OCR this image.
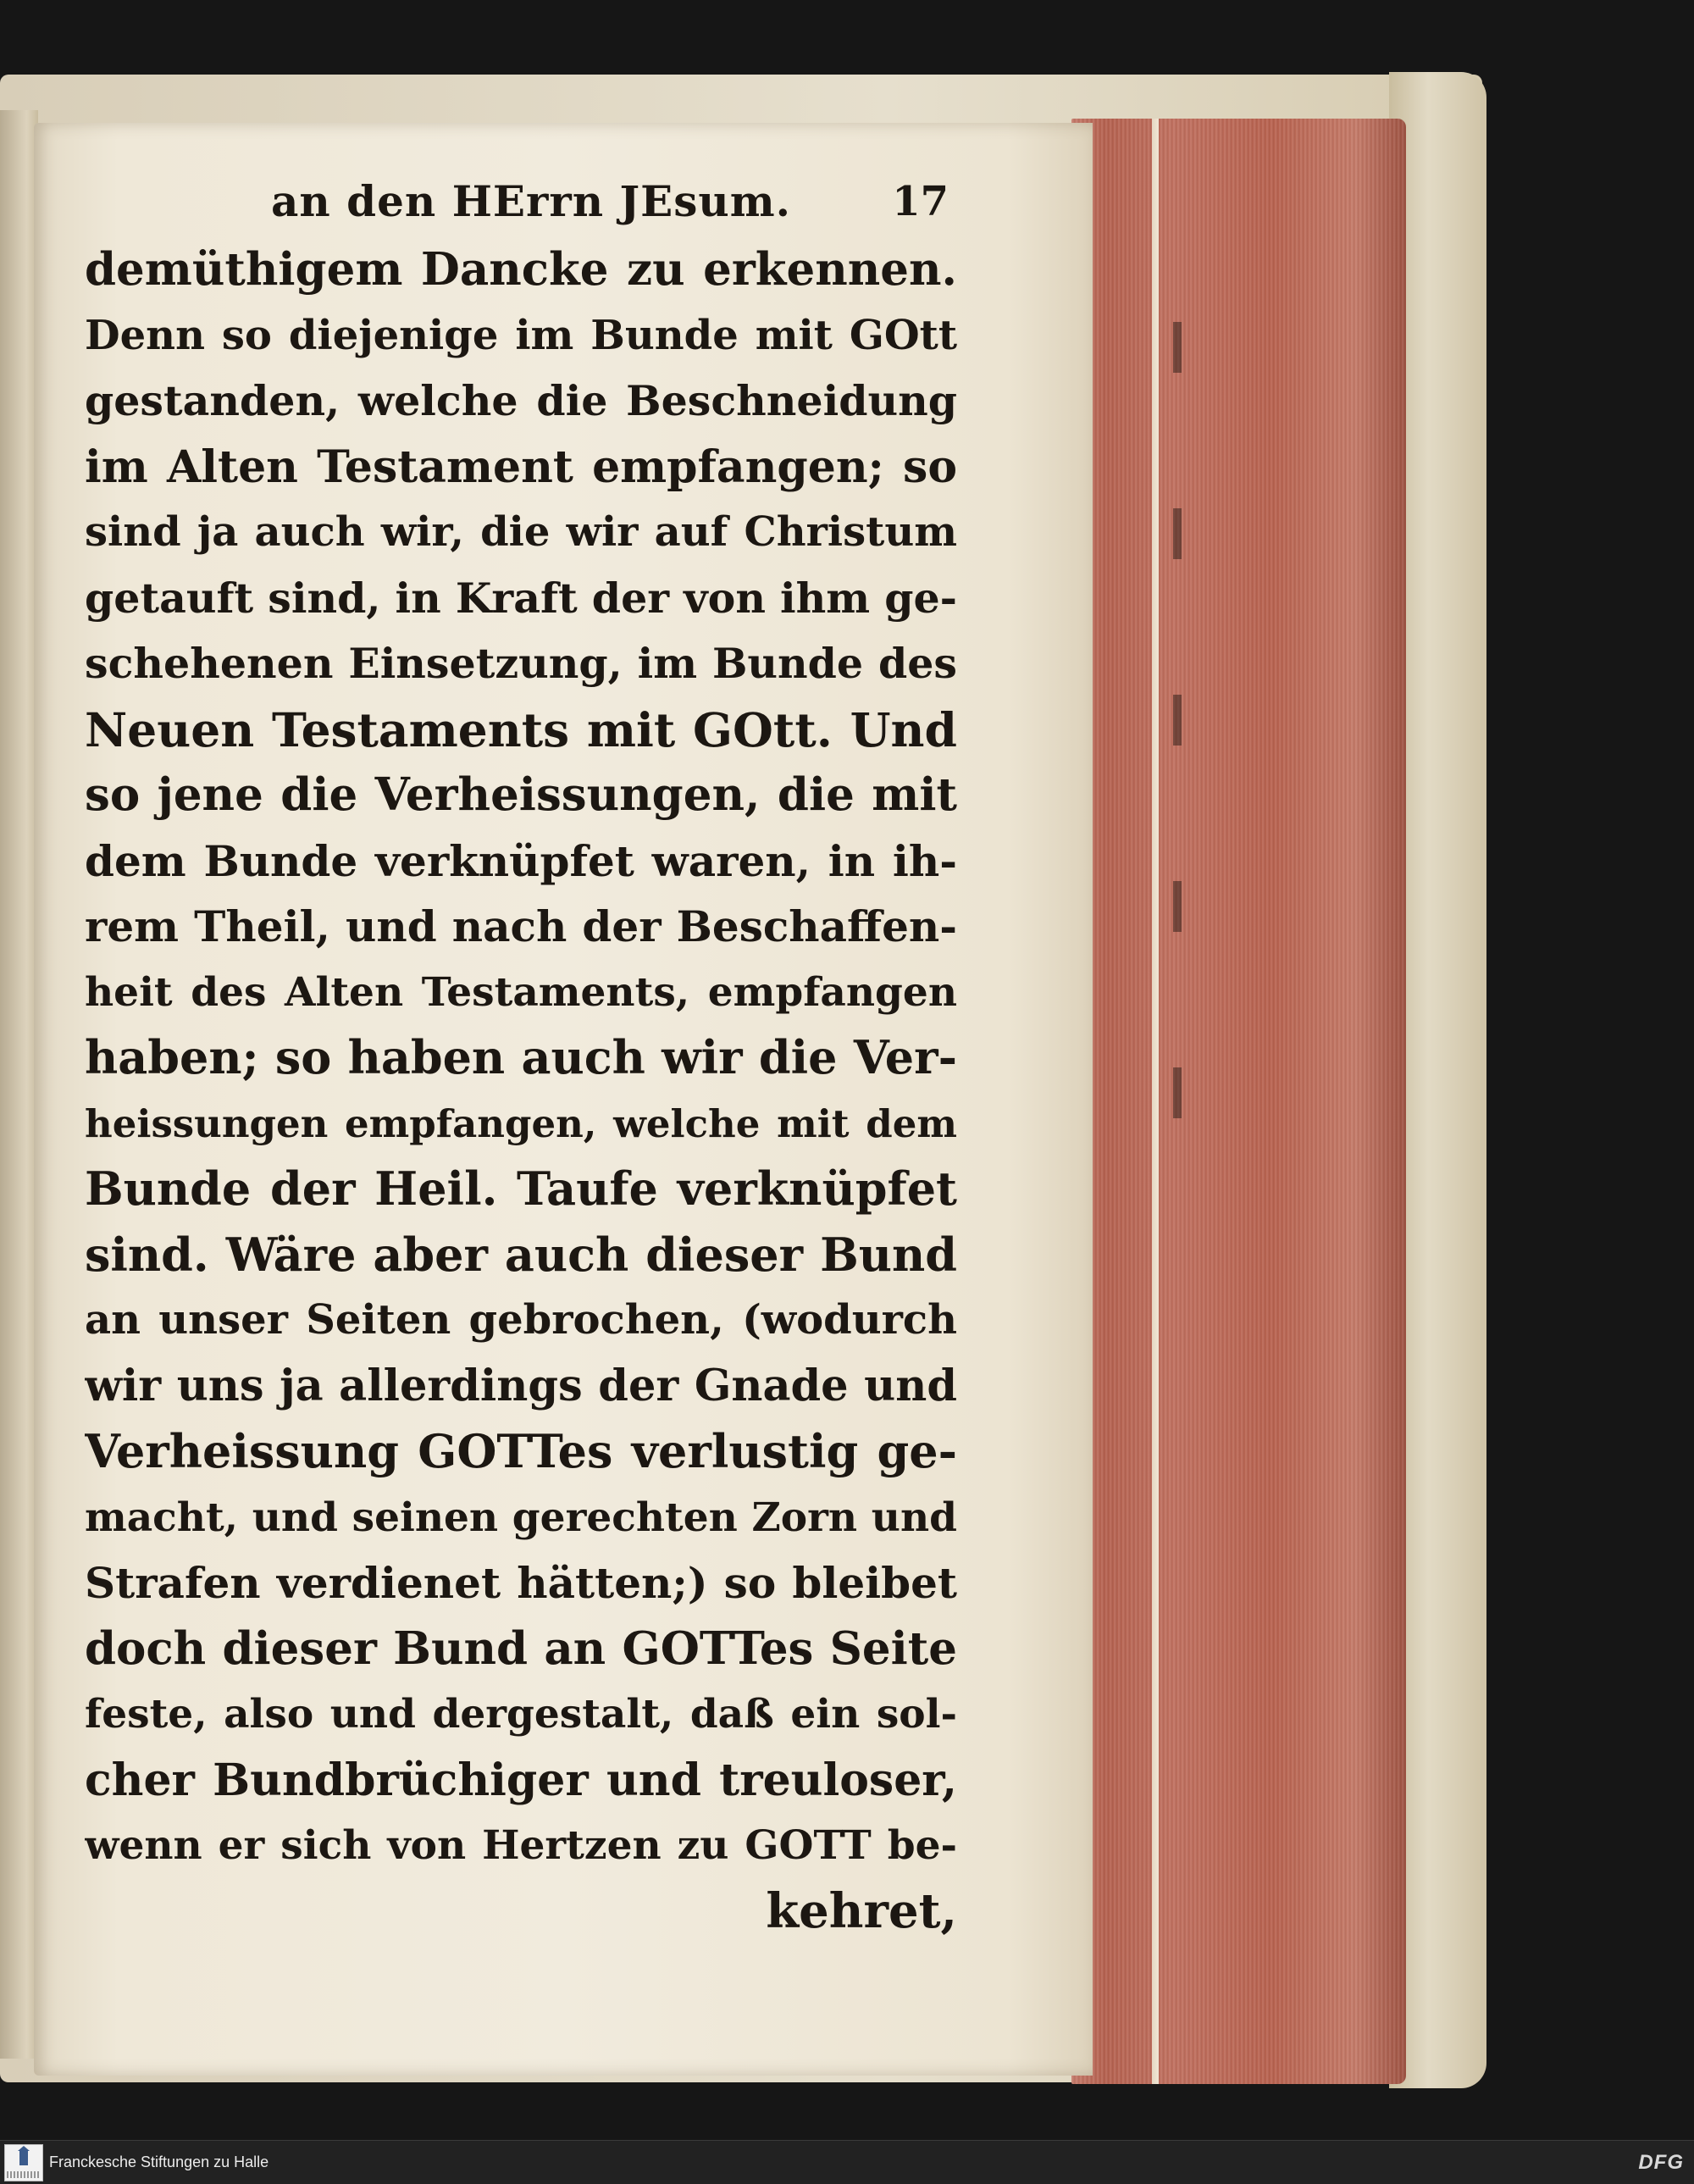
an den HErrn JEsum. 17
demüthigem Dancke zu erkennen.
Denn so diejenige im Bunde mit GOtt
gestanden, welche die Beschneidung
im Alten Testament empfangen; so
sind ja auch wir, die wir auf Christum
getauft sind, in Kraft der von ihm ge-
schehenen Einsetzung, im Bunde des
Neuen Testaments mit GOtt. Und
so jene die Verheissungen, die mit
dem Bunde verknüpfet waren, in ih-
rem Theil, und nach der Beschaffen-
heit des Alten Testaments, empfangen
haben; so haben auch wir die Ver-
heissungen empfangen, welche mit dem
Bunde der Heil. Taufe verknüpfet
sind. Wäre aber auch dieser Bund
an unser Seiten gebrochen, (wodurch
wir uns ja allerdings der Gnade und
Verheissung GOTTes verlustig ge-
macht, und seinen gerechten Zorn und
Strafen verdienet hätten;) so bleibet
doch dieser Bund an GOTTes Seite
feste, also und dergestalt, daß ein sol-
cher Bundbrüchiger und treuloser,
wenn er sich von Hertzen zu GOTT be-
kehret,
Franckesche Stiftungen zu Halle	DFG
